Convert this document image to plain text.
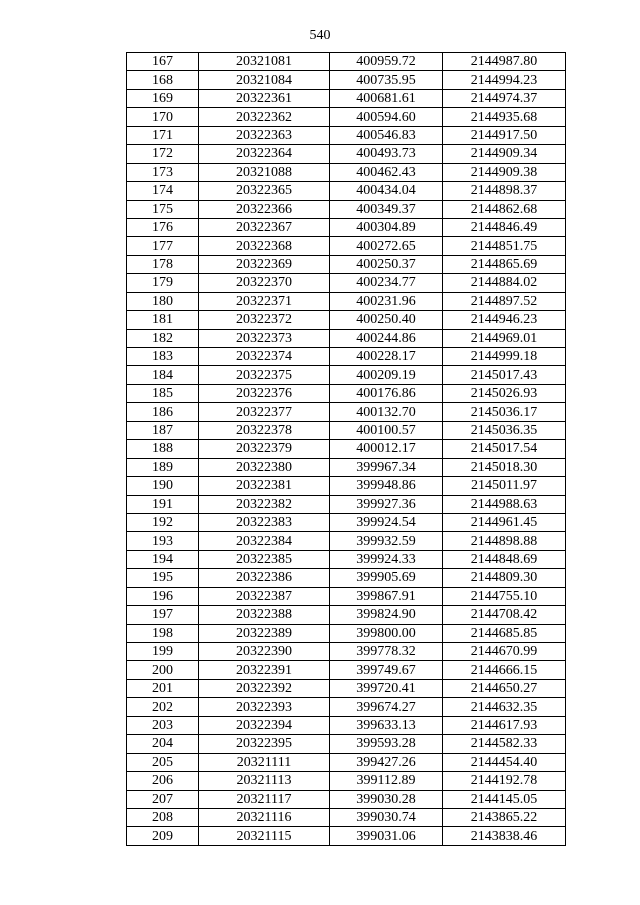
540
167	20321081	400959.72	2144987.80
168	20321084	400735.95	2144994.23
169	20322361	400681.61	2144974.37
170	20322362	400594.60	2144935.68
171	20322363	400546.83	2144917.50
172	20322364	400493.73	2144909.34
173	20321088	400462.43	2144909.38
174	20322365	400434.04	2144898.37
175	20322366	400349.37	2144862.68
176	20322367	400304.89	2144846.49
177	20322368	400272.65	2144851.75
178	20322369	400250.37	2144865.69
179	20322370	400234.77	2144884.02
180	20322371	400231.96	2144897.52
181	20322372	400250.40	2144946.23
182	20322373	400244.86	2144969.01
183	20322374	400228.17	2144999.18
184	20322375	400209.19	2145017.43
185	20322376	400176.86	2145026.93
186	20322377	400132.70	2145036.17
187	20322378	400100.57	2145036.35
188	20322379	400012.17	2145017.54
189	20322380	399967.34	2145018.30
190	20322381	399948.86	2145011.97
191	20322382	399927.36	2144988.63
192	20322383	399924.54	2144961.45
193	20322384	399932.59	2144898.88
194	20322385	399924.33	2144848.69
195	20322386	399905.69	2144809.30
196	20322387	399867.91	2144755.10
197	20322388	399824.90	2144708.42
198	20322389	399800.00	2144685.85
199	20322390	399778.32	2144670.99
200	20322391	399749.67	2144666.15
201	20322392	399720.41	2144650.27
202	20322393	399674.27	2144632.35
203	20322394	399633.13	2144617.93
204	20322395	399593.28	2144582.33
205	20321111	399427.26	2144454.40
206	20321113	399112.89	2144192.78
207	20321117	399030.28	2144145.05
208	20321116	399030.74	2143865.22
209	20321115	399031.06	2143838.46
